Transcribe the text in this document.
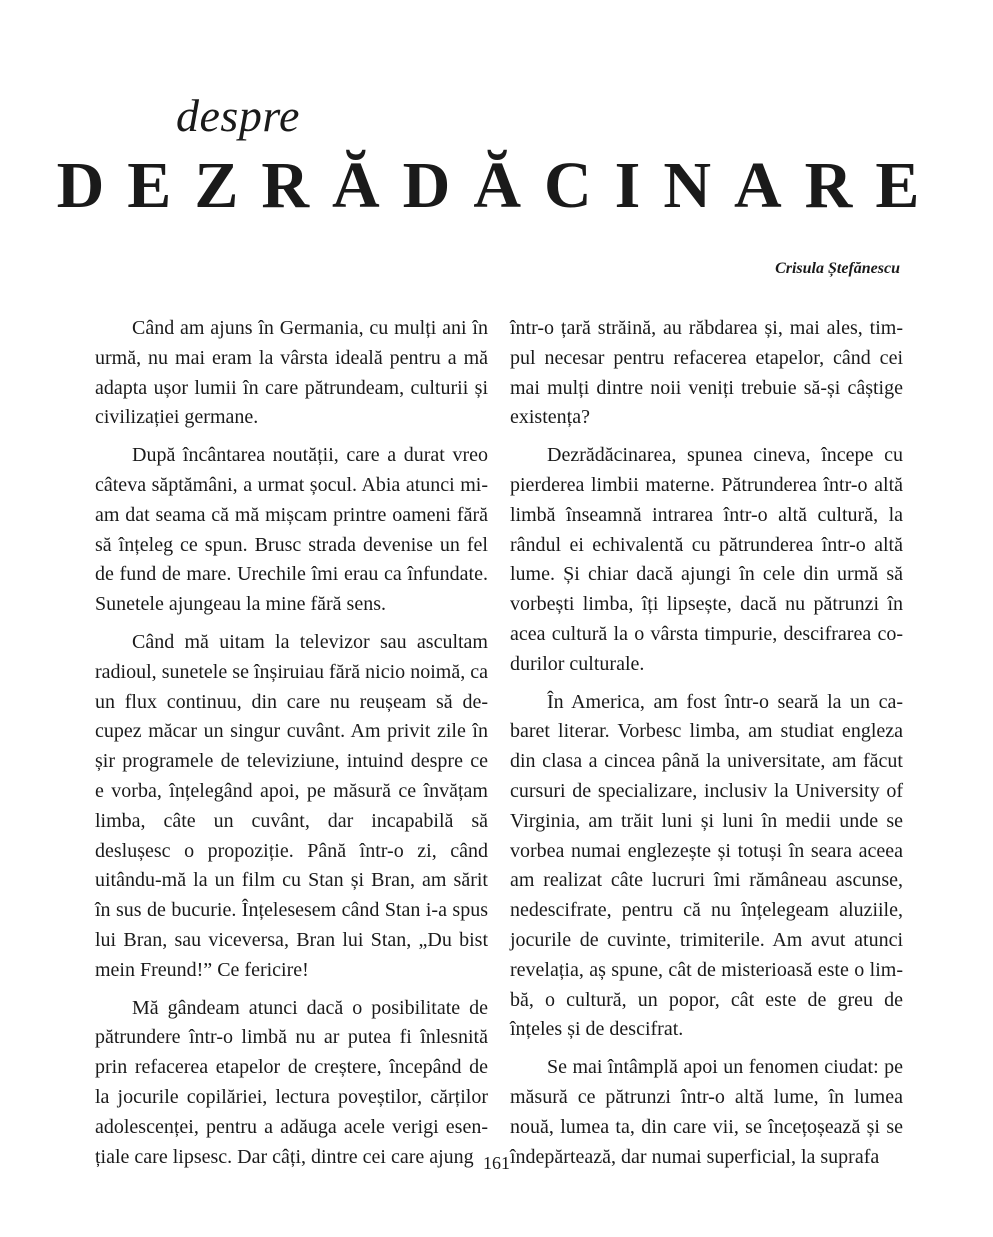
despre
DEZRĂDĂCINARE
Crisula Ștefănescu

Când am ajuns în Germania, cu mulți ani în urmă, nu mai eram la vârsta ideală pentru a mă adapta ușor lumii în care pătrundeam, culturii și civilizației germane.

După încântarea noutății, care a durat vreo câteva săptămâni, a urmat șocul. Abia atunci mi-am dat seama că mă mișcam printre oameni fără să înțeleg ce spun. Brusc strada devenise un fel de fund de mare. Urechile îmi erau ca înfundate. Sunetele ajungeau la mine fără sens.

Când mă uitam la televizor sau ascultam radioul, sunetele se înșiruiau fără nicio noimă, ca un flux continuu, din care nu reușeam să decupez măcar un singur cuvânt. Am privit zile în șir programele de televiziune, intuind despre ce e vorba, înțelegând apoi, pe măsură ce învățam limba, câte un cuvânt, dar incapabilă să deslușesc o propoziție. Până într-o zi, când uitându-mă la un film cu Stan și Bran, am sărit în sus de bucurie. Înțelesesem când Stan i-a spus lui Bran, sau viceversa, Bran lui Stan, „Du bist mein Freund!” Ce fericire!

Mă gândeam atunci dacă o posibilitate de pătrundere într-o limbă nu ar putea fi înlesnită prin refacerea etapelor de creștere, începând de la jocurile copilăriei, lectura poveștilor, cărților adolescenței, pentru a adăuga acele verigi esențiale care lipsesc. Dar câți, dintre cei care ajung

într-o țară străină, au răbdarea și, mai ales, timpul necesar pentru refacerea etapelor, când cei mai mulți dintre noii veniți trebuie să-și câștige existența?

Dezrădăcinarea, spunea cineva, începe cu pierderea limbii materne. Pătrunderea într-o altă limbă înseamnă intrarea într-o altă cultură, la rândul ei echivalentă cu pătrunderea într-o altă lume. Și chiar dacă ajungi în cele din urmă să vorbești limba, îți lipsește, dacă nu pătrunzi în acea cultură la o vârsta timpurie, descifrarea codurilor culturale.

În America, am fost într-o seară la un cabaret literar. Vorbesc limba, am studiat engleza din clasa a cincea până la universitate, am făcut cursuri de specializare, inclusiv la University of Virginia, am trăit luni și luni în medii unde se vorbea numai englezește și totuși în seara aceea am realizat câte lucruri îmi rămâneau ascunse, nedescifrate, pentru că nu înțelegeam aluziile, jocurile de cuvinte, trimiterile. Am avut atunci revelația, aș spune, cât de misterioasă este o limbă, o cultură, un popor, cât este de greu de înțeles și de descifrat.

Se mai întâmplă apoi un fenomen ciudat: pe măsură ce pătrunzi într-o altă lume, în lumea nouă, lumea ta, din care vii, se încețoșează și se îndepărtează, dar numai superficial, la suprafa

161
